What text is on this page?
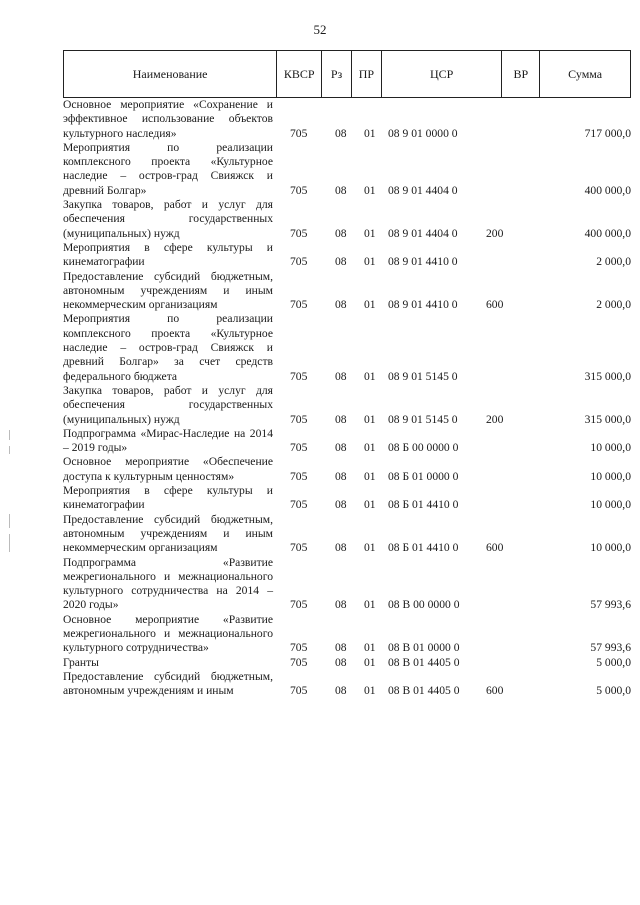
52
Наименование	КВСР	Рз	ПР	ЦСР	ВР	Сумма
Основное мероприятие «Сохранение и эффективное использование объектов культурного наследия»	705 08 01 08 9 01 0000 0	717 000,0
Мероприятия по реализации комплексного проекта «Культурное наследие – остров-град Свияжск и древний Болгар»	705 08 01 08 9 01 4404 0	400 000,0
Закупка товаров, работ и услуг для обеспечения государственных (муниципальных) нужд	705 08 01 08 9 01 4404 0 200	400 000,0
Мероприятия в сфере культуры и кинематографии	705 08 01 08 9 01 4410 0	2 000,0
Предоставление субсидий бюджетным, автономным учреждениям и иным некоммерческим организациям	705 08 01 08 9 01 4410 0 600	2 000,0
Мероприятия по реализации комплексного проекта «Культурное наследие – остров-град Свияжск и древний Болгар» за счет средств федерального бюджета	705 08 01 08 9 01 5145 0	315 000,0
Закупка товаров, работ и услуг для обеспечения государственных (муниципальных) нужд	705 08 01 08 9 01 5145 0 200	315 000,0
Подпрограмма «Мирас-Наследие на 2014 – 2019 годы»	705 08 01 08 Б 00 0000 0	10 000,0
Основное мероприятие «Обеспечение доступа к культурным ценностям»	705 08 01 08 Б 01 0000 0	10 000,0
Мероприятия в сфере культуры и кинематографии	705 08 01 08 Б 01 4410 0	10 000,0
Предоставление субсидий бюджетным, автономным учреждениям и иным некоммерческим организациям	705 08 01 08 Б 01 4410 0 600	10 000,0
Подпрограмма «Развитие межрегионального и межнационального культурного сотрудничества на 2014 – 2020 годы»	705 08 01 08 В 00 0000 0	57 993,6
Основное мероприятие «Развитие межрегионального и межнационального культурного сотрудничества»	705 08 01 08 В 01 0000 0	57 993,6
Гранты	705 08 01 08 В 01 4405 0	5 000,0
Предоставление субсидий бюджетным, автономным учреждениям и иным	705 08 01 08 В 01 4405 0 600	5 000,0
